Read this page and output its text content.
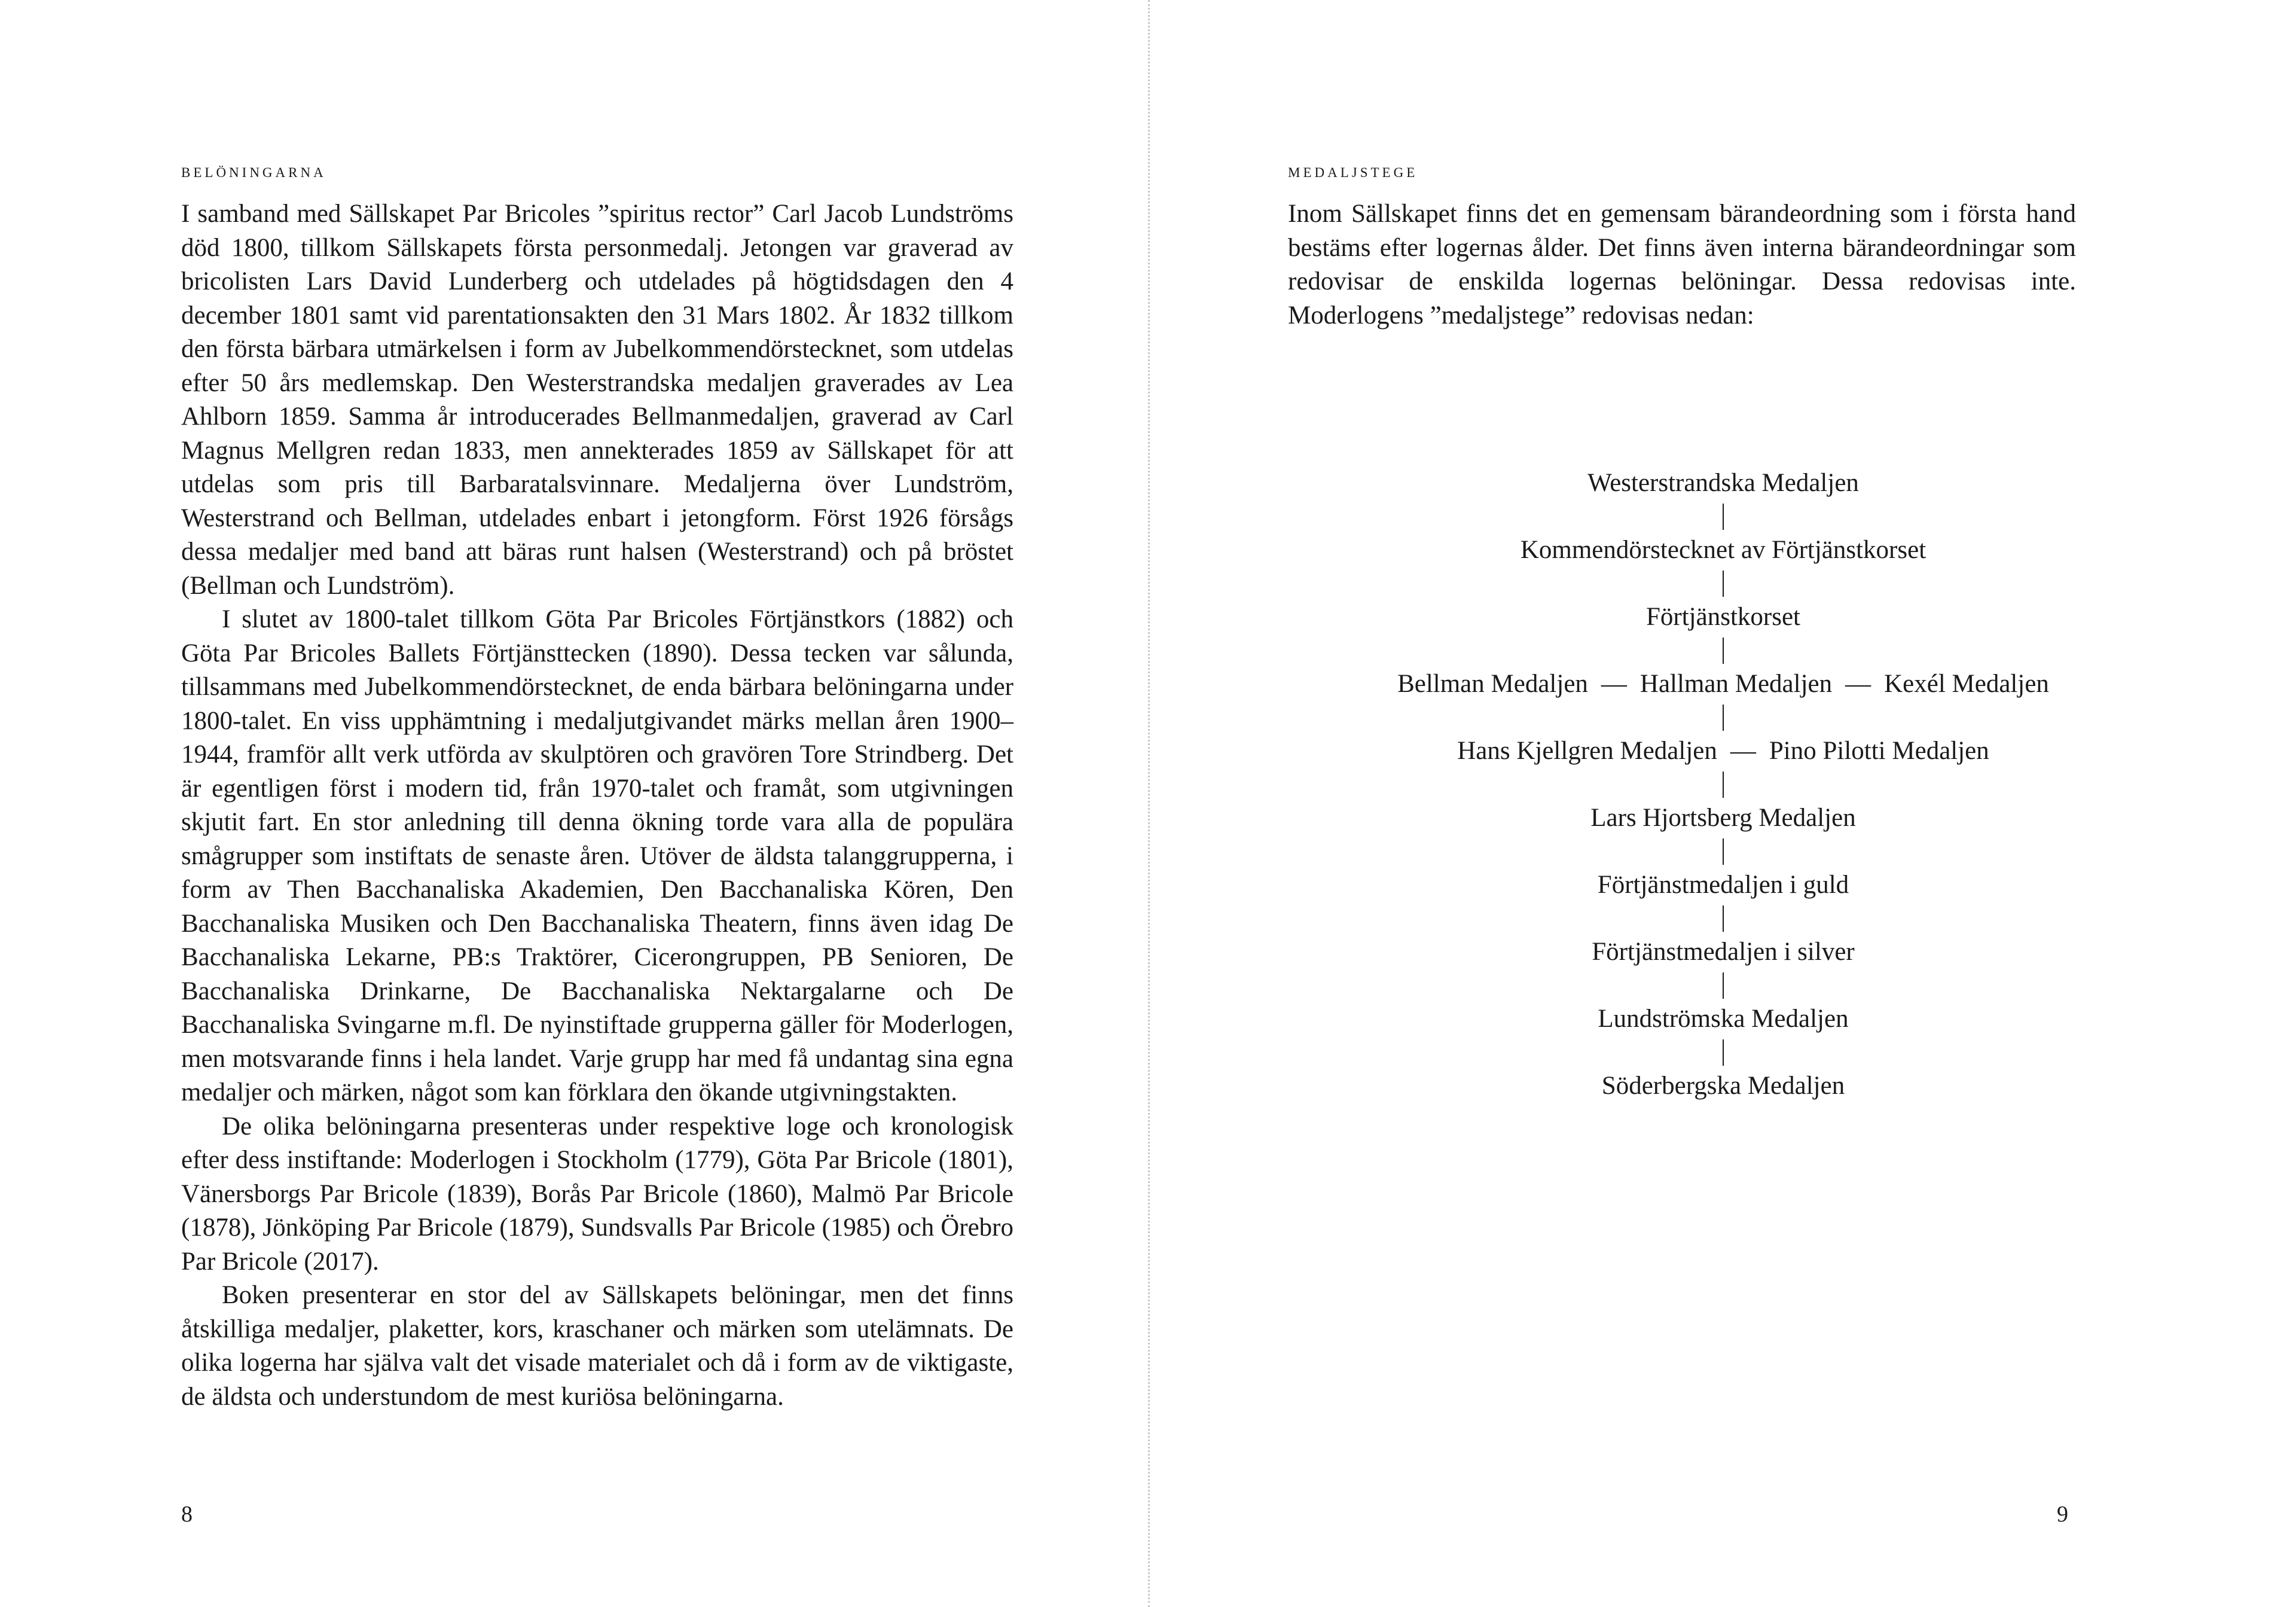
belöningarna

I samband med Sällskapet Par Bricoles ”spiritus rector” Carl Jacob Lundströms död 1800, tillkom Sällskapets första personmedalj. Jetongen var graverad av bricolisten Lars David Lunderberg och utdelades på högtidsdagen den 4 december 1801 samt vid parentationsakten den 31 Mars 1802. År 1832 tillkom den första bärbara utmärkelsen i form av Jubelkommendörstecknet, som utdelas efter 50 års medlemskap. Den Westerstrandska medaljen graverades av Lea Ahlborn 1859. Samma år introducerades Bellmanmedaljen, graverad av Carl Magnus Mellgren redan 1833, men annekterades 1859 av Sällskapet för att utdelas som pris till Barbaratalsvinnare. Medaljerna över Lundström, Westerstrand och Bellman, utdelades enbart i jetongform. Först 1926 försågs dessa medaljer med band att bäras runt halsen (Westerstrand) och på bröstet (Bellman och Lundström).

I slutet av 1800-talet tillkom Göta Par Bricoles Förtjänstkors (1882) och Göta Par Bricoles Ballets Förtjänsttecken (1890). Dessa tecken var sålunda, tillsammans med Jubelkommendörstecknet, de enda bärbara belöningarna under 1800-talet. En viss upphämtning i medaljutgivandet märks mellan åren 1900–1944, framför allt verk utförda av skulptören och gravören Tore Strindberg. Det är egentligen först i modern tid, från 1970-talet och framåt, som utgivningen skjutit fart. En stor anledning till denna ökning torde vara alla de populära smågrupper som instiftats de senaste åren. Utöver de äldsta talanggrupperna, i form av Then Bacchanaliska Akademien, Den Bacchanaliska Kören, Den Bacchanaliska Musiken och Den Bacchanaliska Theatern, finns även idag De Bacchanaliska Lekarne, PB:s Traktörer, Cicerongruppen, PB Senioren, De Bacchanaliska Drinkarne, De Bacchanaliska Nektargalarne och De Bacchanaliska Svingarne m.fl. De nyinstiftade grupperna gäller för Moderlogen, men motsvarande finns i hela landet. Varje grupp har med få undantag sina egna medaljer och märken, något som kan förklara den ökande utgivningstakten.

De olika belöningarna presenteras under respektive loge och kronologisk efter dess instiftande: Moderlogen i Stockholm (1779), Göta Par Bricole (1801), Vänersborgs Par Bricole (1839), Borås Par Bricole (1860), Malmö Par Bricole (1878), Jönköping Par Bricole (1879), Sundsvalls Par Bricole (1985) och Örebro Par Bricole (2017).

Boken presenterar en stor del av Sällskapets belöningar, men det finns åtskilliga medaljer, plaketter, kors, kraschaner och märken som utelämnats. De olika logerna har själva valt det visade materialet och då i form av de viktigaste, de äldsta och understundom de mest kuriösa belöningarna.

8
medaljstege

Inom Sällskapet finns det en gemensam bärandeordning som i första hand bestäms efter logernas ålder. Det finns även interna bärandeordningar som redovisar de enskilda logernas belöningar. Dessa redovisas inte. Moderlogens ”medaljstege” redovisas nedan:

Westerstrandska Medaljen
Kommendörstecknet av Förtjänstkorset
Förtjänstkorset
Bellman Medaljen — Hallman Medaljen — Kexél Medaljen
Hans Kjellgren Medaljen — Pino Pilotti Medaljen
Lars Hjortsberg Medaljen
Förtjänstmedaljen i guld
Förtjänstmedaljen i silver
Lundströmska Medaljen
Söderbergska Medaljen
9
